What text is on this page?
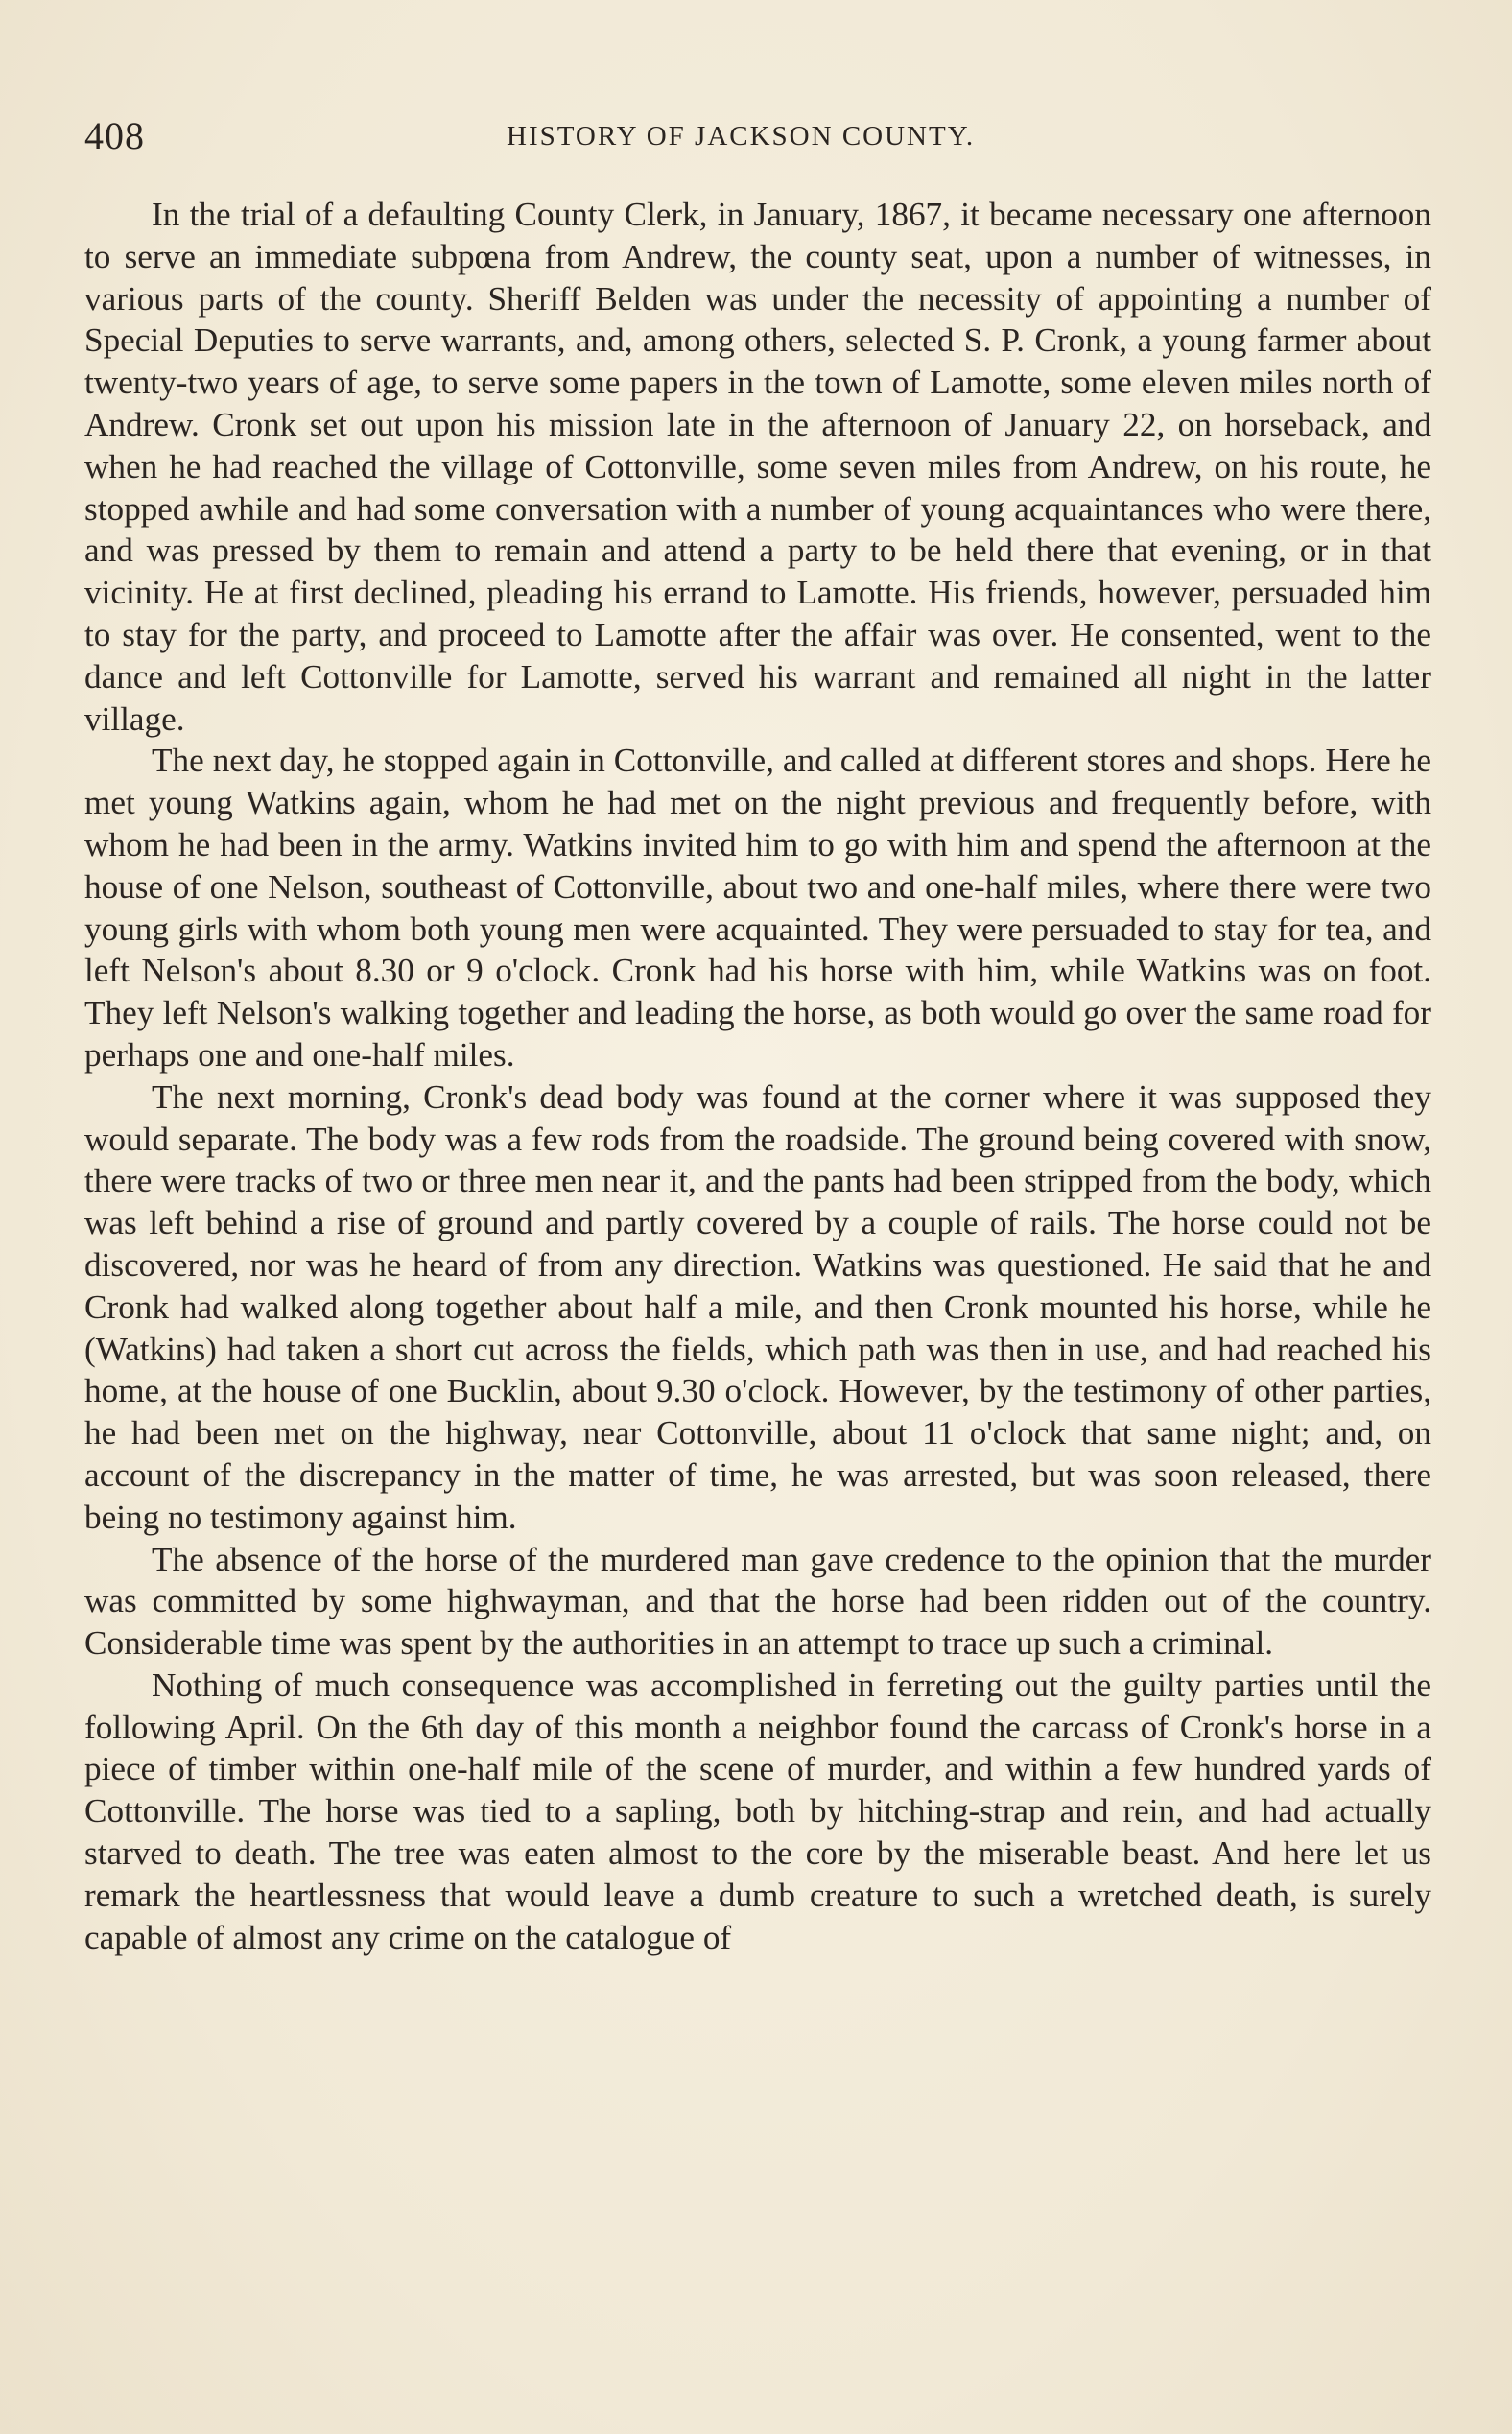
408	HISTORY OF JACKSON COUNTY.

In the trial of a defaulting County Clerk, in January, 1867, it became necessary one afternoon to serve an immediate subpœna from Andrew, the county seat, upon a number of witnesses, in various parts of the county. Sheriff Belden was under the necessity of appointing a number of Special Deputies to serve warrants, and, among others, selected S. P. Cronk, a young farmer about twenty-two years of age, to serve some papers in the town of Lamotte, some eleven miles north of Andrew. Cronk set out upon his mission late in the afternoon of January 22, on horseback, and when he had reached the village of Cottonville, some seven miles from Andrew, on his route, he stopped awhile and had some conversation with a number of young acquaintances who were there, and was pressed by them to remain and attend a party to be held there that evening, or in that vicinity. He at first declined, pleading his errand to Lamotte. His friends, however, persuaded him to stay for the party, and proceed to Lamotte after the affair was over. He consented, went to the dance and left Cottonville for Lamotte, served his warrant and remained all night in the latter village.

The next day, he stopped again in Cottonville, and called at different stores and shops. Here he met young Watkins again, whom he had met on the night previous and frequently before, with whom he had been in the army. Watkins invited him to go with him and spend the afternoon at the house of one Nelson, southeast of Cottonville, about two and one-half miles, where there were two young girls with whom both young men were acquainted. They were persuaded to stay for tea, and left Nelson's about 8.30 or 9 o'clock. Cronk had his horse with him, while Watkins was on foot. They left Nelson's walking together and leading the horse, as both would go over the same road for perhaps one and one-half miles.

The next morning, Cronk's dead body was found at the corner where it was supposed they would separate. The body was a few rods from the roadside. The ground being covered with snow, there were tracks of two or three men near it, and the pants had been stripped from the body, which was left behind a rise of ground and partly covered by a couple of rails. The horse could not be discovered, nor was he heard of from any direction. Watkins was questioned. He said that he and Cronk had walked along together about half a mile, and then Cronk mounted his horse, while he (Watkins) had taken a short cut across the fields, which path was then in use, and had reached his home, at the house of one Bucklin, about 9.30 o'clock. However, by the testimony of other parties, he had been met on the highway, near Cottonville, about 11 o'clock that same night; and, on account of the discrepancy in the matter of time, he was arrested, but was soon released, there being no testimony against him.

The absence of the horse of the murdered man gave credence to the opinion that the murder was committed by some highwayman, and that the horse had been ridden out of the country. Considerable time was spent by the authorities in an attempt to trace up such a criminal.

Nothing of much consequence was accomplished in ferreting out the guilty parties until the following April. On the 6th day of this month a neighbor found the carcass of Cronk's horse in a piece of timber within one-half mile of the scene of murder, and within a few hundred yards of Cottonville. The horse was tied to a sapling, both by hitching-strap and rein, and had actually starved to death. The tree was eaten almost to the core by the miserable beast. And here let us remark the heartlessness that would leave a dumb creature to such a wretched death, is surely capable of almost any crime on the catalogue of
